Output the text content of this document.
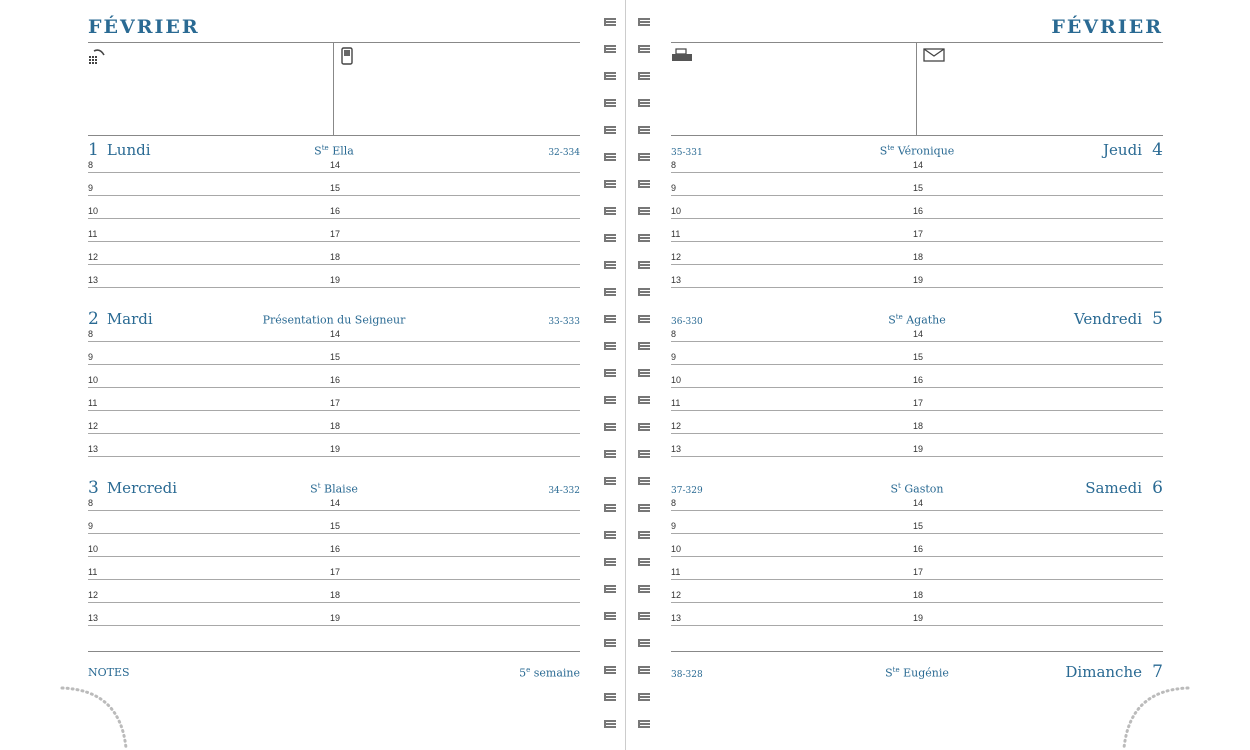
FÉVRIER
1 Lundi	32-334
$S^{te}$ Ella
8	14
9	15
10	16
11	17
12	18
13	19
2 Mardi	33-333
Présentation du Seigneur
8	14
9	15
10	16
11	17
12	18
13	19
3 Mercredi	34-332
$S^t$ Blaise
8	14
9	15
10	16
11	17
12	18
13	19
NOTES	5e semaine
FÉVRIER
35-331	Jeudi 4
$S^{te}$ Véronique
8	14
9	15
10	16
11	17
12	18
13	19
36-330	Vendredi 5
$S^{te}$ Agathe
8	14
9	15
10	16
11	17
12	18
13	19
37-329	Samedi 6
$S^t$ Gaston
8	14
9	15
10	16
11	17
12	18
13	19
38-328	$S^{te}$ Eugénie	Dimanche 7
